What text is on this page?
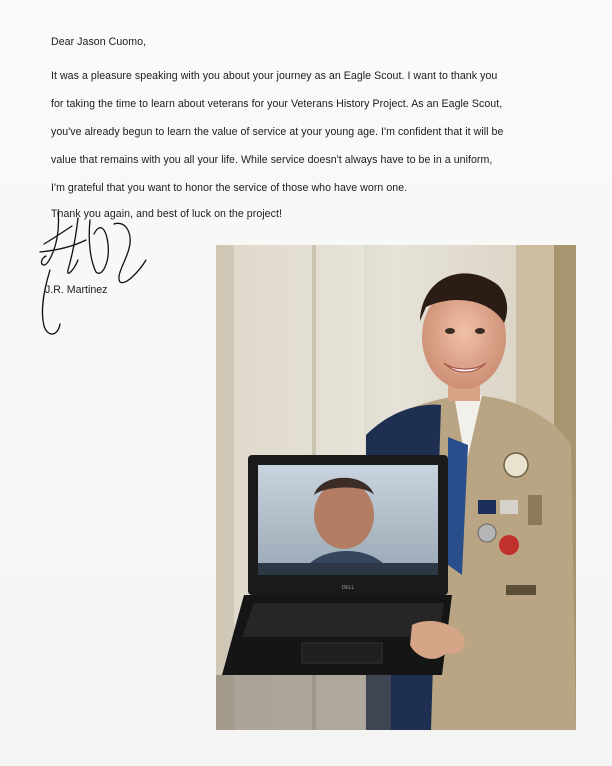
Dear Jason Cuomo,
It was a pleasure speaking with you about your journey as an Eagle Scout. I want to thank you
for taking the time to learn about veterans for your Veterans History Project. As an Eagle Scout,
you've already begun to learn the value of service at your young age. I'm confident that it will be
value that remains with you all your life. While service doesn't always have to be in a uniform,
I'm grateful that you want to honor the service of those who have worn one.
Thank you again, and best of luck on the project!
J.R. Martinez
DELL
